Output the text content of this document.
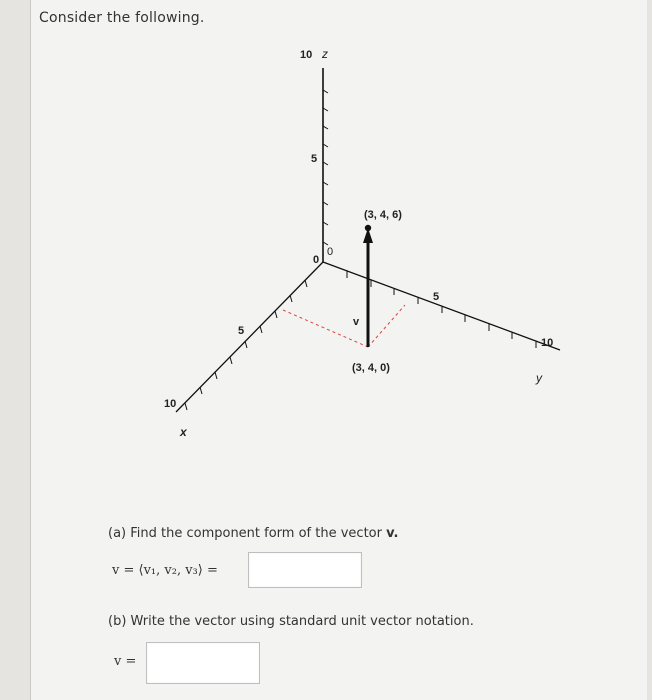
Consider the following.
10 z
5
0
0
5
10
x
5
10
y
(3, 4, 6)
(3, 4, 0)
v
(a) Find the component form of the vector v.
v = ⟨v₁, v₂, v₃⟩ =
(b) Write the vector using standard unit vector notation.
v =
